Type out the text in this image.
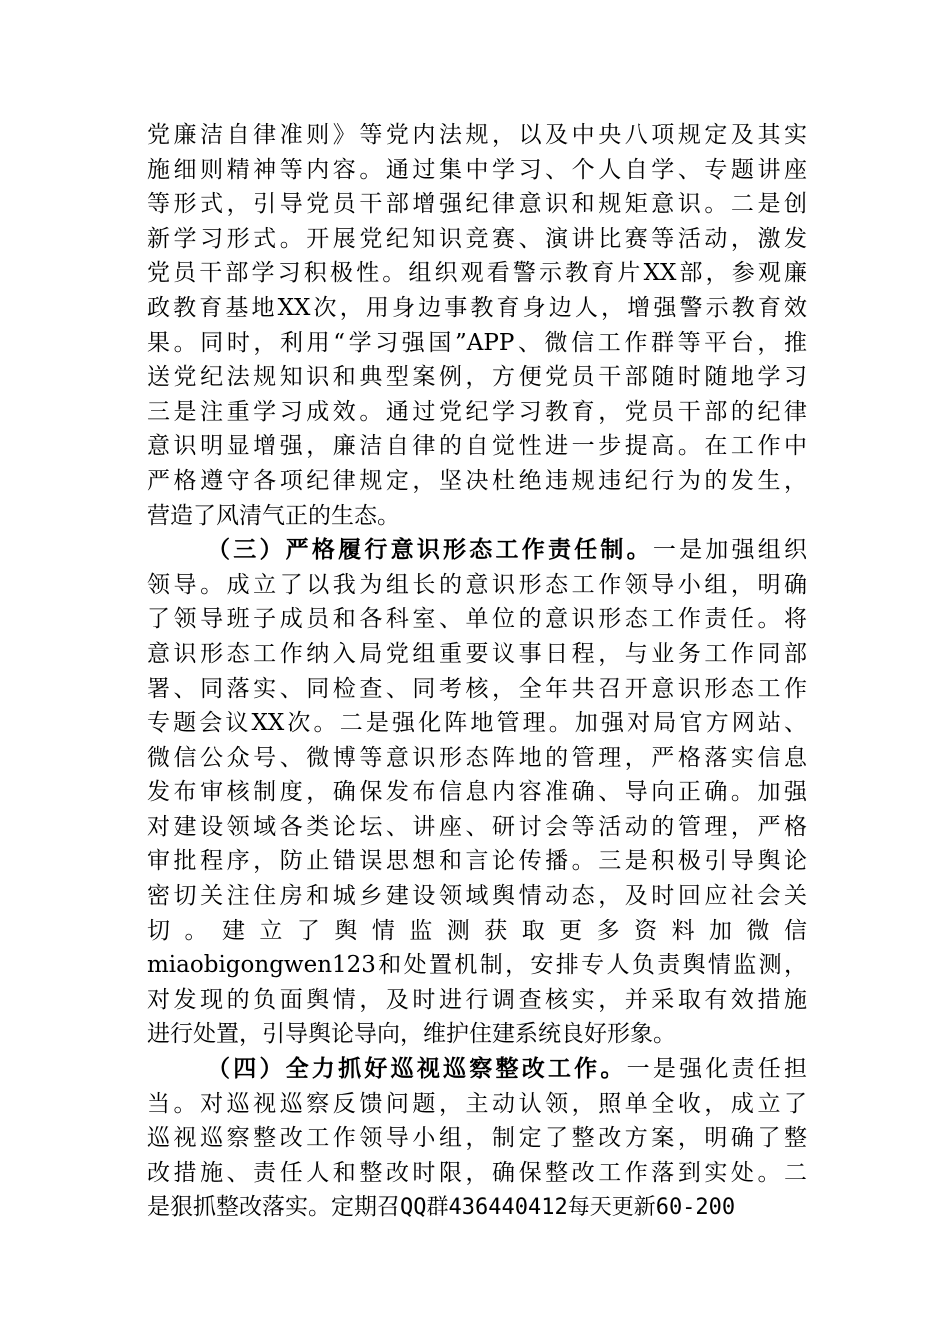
党廉洁自律准则》等党内法规，以及中央八项规定及其实
施细则精神等内容。通过集中学习、个人自学、专题讲座
等形式，引导党员干部增强纪律意识和规矩意识。二是创
新学习形式。开展党纪知识竞赛、演讲比赛等活动，激发
党员干部学习积极性。组织观看警示教育片XX部，参观廉
政教育基地XX次，用身边事教育身边人，增强警示教育效
果。同时，利用“学习强国”APP、微信工作群等平台，推
送党纪法规知识和典型案例，方便党员干部随时随地学习
三是注重学习成效。通过党纪学习教育，党员干部的纪律
意识明显增强，廉洁自律的自觉性进一步提高。在工作中
严格遵守各项纪律规定，坚决杜绝违规违纪行为的发生，
营造了风清气正的生态。
（三）严格履行意识形态工作责任制。一是加强组织
领导。成立了以我为组长的意识形态工作领导小组，明确
了领导班子成员和各科室、单位的意识形态工作责任。将
意识形态工作纳入局党组重要议事日程，与业务工作同部
署、同落实、同检查、同考核，全年共召开意识形态工作
专题会议XX次。二是强化阵地管理。加强对局官方网站、
微信公众号、微博等意识形态阵地的管理，严格落实信息
发布审核制度，确保发布信息内容准确、导向正确。加强
对建设领域各类论坛、讲座、研讨会等活动的管理，严格
审批程序，防止错误思想和言论传播。三是积极引导舆论
密切关注住房和城乡建设领域舆情动态，及时回应社会关
切。建立了舆情监测获取更多资料加微信
miaobigongwen123和处置机制，安排专人负责舆情监测，
对发现的负面舆情，及时进行调查核实，并采取有效措施
进行处置，引导舆论导向，维护住建系统良好形象。
（四）全力抓好巡视巡察整改工作。一是强化责任担
当。对巡视巡察反馈问题，主动认领，照单全收，成立了
巡视巡察整改工作领导小组，制定了整改方案，明确了整
改措施、责任人和整改时限，确保整改工作落到实处。二
是狠抓整改落实。定期召QQ群436440412每天更新60-200
